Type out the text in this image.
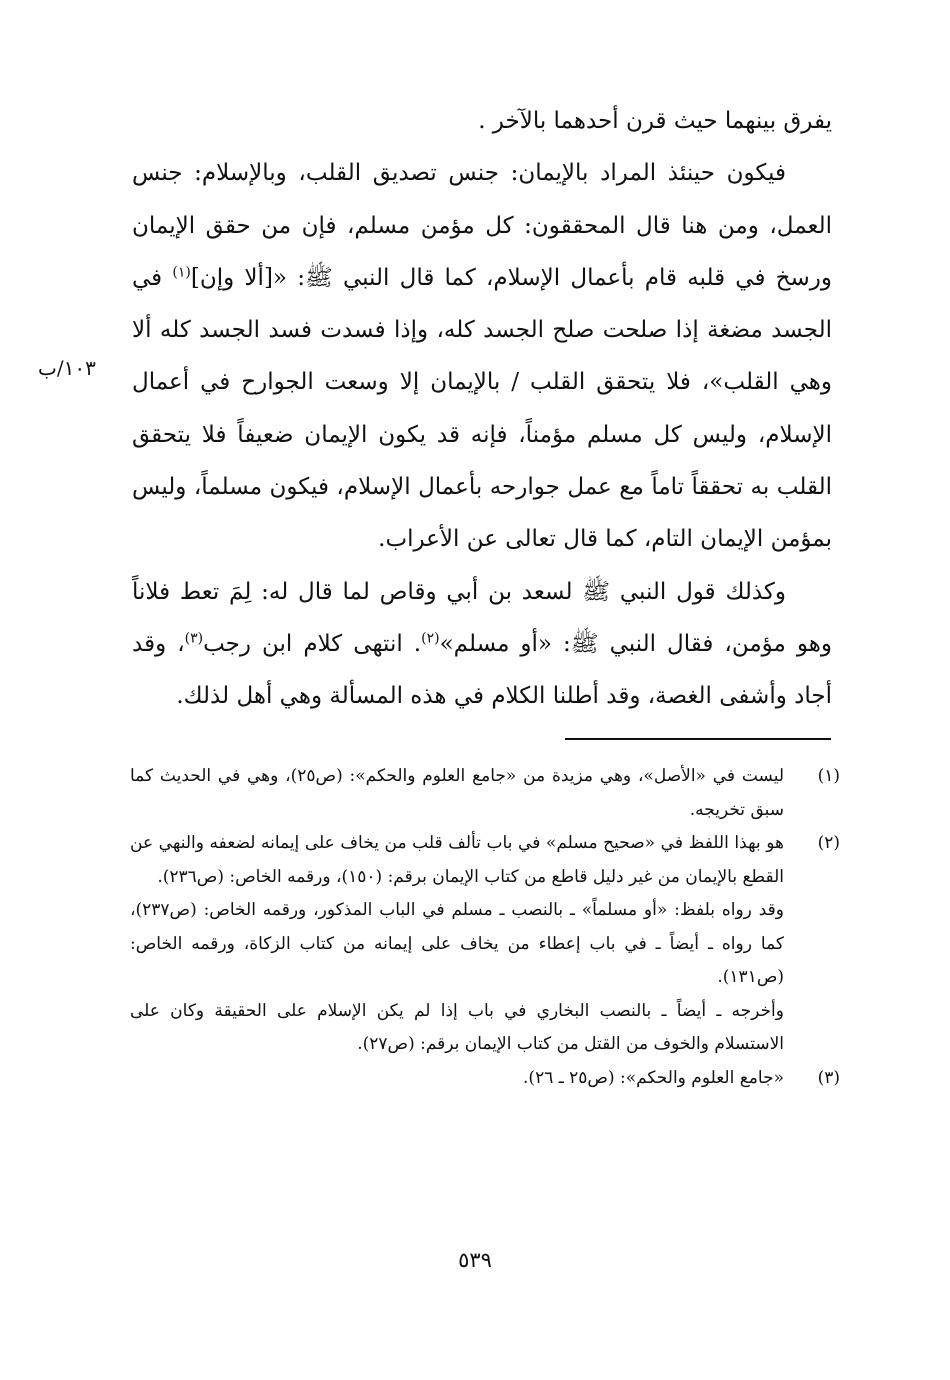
١٠٣/ب

يفرق بينهما حيث قرن أحدهما بالآخر .

فيكون حينئذ المراد بالإيمان: جنس تصديق القلب، وبالإسلام: جنس العمل، ومن هنا قال المحققون: كل مؤمن مسلم، فإن من حقق الإيمان ورسخ في قلبه قام بأعمال الإسلام، كما قال النبي ﷺ: «[ألا وإن]$^{(١)}$ في الجسد مضغة إذا صلحت صلح الجسد كله، وإذا فسدت فسد الجسد كله ألا وهي القلب»، فلا يتحقق القلب / بالإيمان إلا وسعت الجوارح في أعمال الإسلام، وليس كل مسلم مؤمناً، فإنه قد يكون الإيمان ضعيفاً فلا يتحقق القلب به تحققاً تاماً مع عمل جوارحه بأعمال الإسلام، فيكون مسلماً، وليس بمؤمن الإيمان التام، كما قال تعالى عن الأعراب.

وكذلك قول النبي ﷺ لسعد بن أبي وقاص لما قال له: لِمَ تعط فلاناً وهو مؤمن، فقال النبي ﷺ: «أو مسلم»$^{(٢)}$. انتهى كلام ابن رجب$^{(٣)}$، وقد أجاد وأشفى الغصة، وقد أطلنا الكلام في هذه المسألة وهي أهل لذلك.

(١)

ليست في «الأصل»، وهي مزيدة من «جامع العلوم والحكم»: (ص٢٥)، وهي في الحديث كما سبق تخريجه.

(٢)

هو بهذا اللفظ في «صحيح مسلم» في باب تألف قلب من يخاف على إيمانه لضعفه والنهي عن القطع بالإيمان من غير دليل قاطع من كتاب الإيمان برقم: (١٥٠)، ورقمه الخاص: (ص٢٣٦).

وقد رواه بلفظ: «أو مسلماً» ـ بالنصب ـ مسلم في الباب المذكور، ورقمه الخاص: (ص٢٣٧)، كما رواه ـ أيضاً ـ في باب إعطاء من يخاف على إيمانه من كتاب الزكاة، ورقمه الخاص: (ص١٣١).

وأخرجه ـ أيضاً ـ بالنصب البخاري في باب إذا لم يكن الإسلام على الحقيقة وكان على الاستسلام والخوف من القتل من كتاب الإيمان برقم: (ص٢٧).

(٣)

«جامع العلوم والحكم»: (ص٢٥ ـ ٢٦).

٥٣٩
